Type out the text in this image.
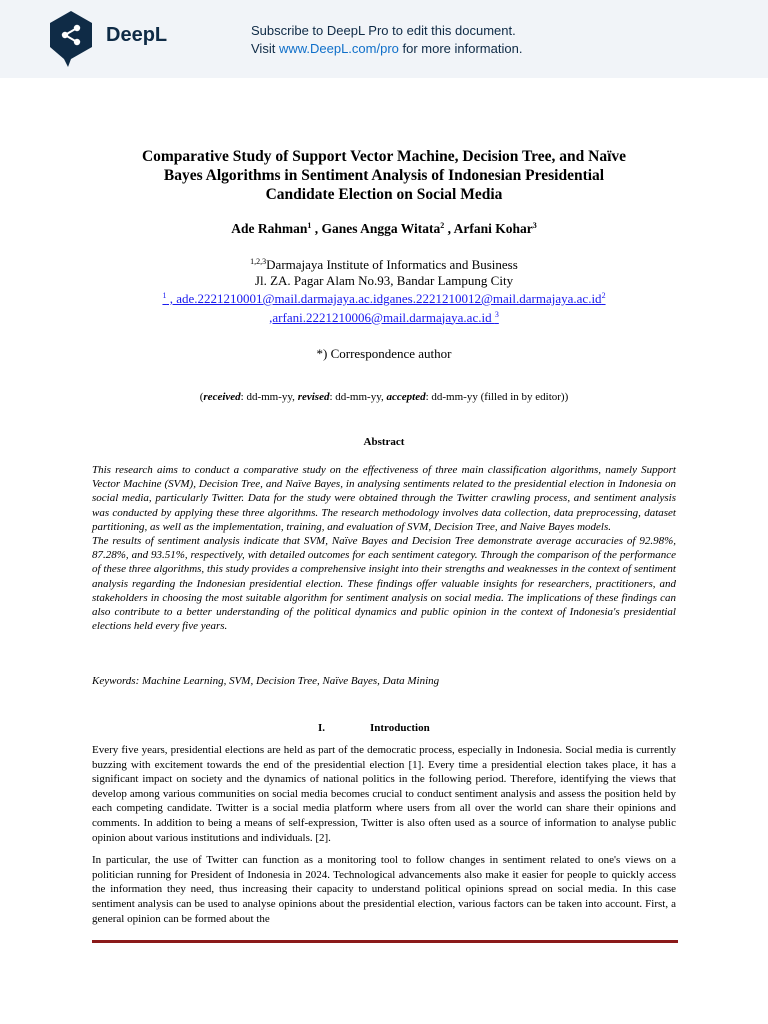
DeepL	Subscribe to DeepL Pro to edit this document.
Visit www.DeepL.com/pro for more information.
Comparative Study of Support Vector Machine, Decision Tree, and Naïve
Bayes Algorithms in Sentiment Analysis of Indonesian Presidential
Candidate Election on Social Media
Ade Rahman$^1$ , Ganes Angga Witata$^2$ , Arfani Kohar$^3$
$^{1,2,3}$Darmajaya Institute of Informatics and Business
Jl. ZA. Pagar Alam No.93, Bandar Lampung City
$^1$ , $ade.2221210001@mail.darmajaya.ac.idganes.2221210012@mail.darmajaya.ac.id^2$
,arfani.2221210006@mail.darmajaya.ac.id $^3$
*) Correspondence author
(received: dd-mm-yy, revised: dd-mm-yy, accepted: dd-mm-yy (filled in by editor))
Abstract

This research aims to conduct a comparative study on the effectiveness of three main classification algorithms, namely Support Vector Machine (SVM), Decision Tree, and Naïve Bayes, in analysing sentiments related to the presidential election in Indonesia on social media, particularly Twitter. Data for the study were obtained through the Twitter crawling process, and sentiment analysis was conducted by applying these three algorithms. The research methodology involves data collection, data preprocessing, dataset partitioning, as well as the implementation, training, and evaluation of SVM, Decision Tree, and Naive Bayes models.

The results of sentiment analysis indicate that SVM, Naïve Bayes and Decision Tree demonstrate average accuracies of 92.98%, 87.28%, and 93.51%, respectively, with detailed outcomes for each sentiment category. Through the comparison of the performance of these three algorithms, this study provides a comprehensive insight into their strengths and weaknesses in the context of sentiment analysis regarding the Indonesian presidential election. These findings offer valuable insights for researchers, practitioners, and stakeholders in choosing the most suitable algorithm for sentiment analysis on social media. The implications of these findings can also contribute to a better understanding of the political dynamics and public opinion in the context of Indonesia's presidential elections held every five years.

Keywords: Machine Learning, SVM, Decision Tree, Naïve Bayes, Data Mining
I.	Introduction

Every five years, presidential elections are held as part of the democratic process, especially in Indonesia. Social media is currently buzzing with excitement towards the end of the presidential election [1]. Every time a presidential election takes place, it has a significant impact on society and the dynamics of national politics in the following period. Therefore, identifying the views that develop among various communities on social media becomes crucial to conduct sentiment analysis and assess the position held by each competing candidate. Twitter is a social media platform where users from all over the world can share their opinions and comments. In addition to being a means of self-expression, Twitter is also often used as a source of information to analyse public opinion about various institutions and individuals. [2].

In particular, the use of Twitter can function as a monitoring tool to follow changes in sentiment related to one's views on a politician running for President of Indonesia in 2024. Technological advancements also make it easier for people to quickly access the information they need, thus increasing their capacity to understand political opinions spread on social media. In this case sentiment analysis can be used to analyse opinions about the presidential election, various factors can be taken into account. First, a general opinion can be formed about the
